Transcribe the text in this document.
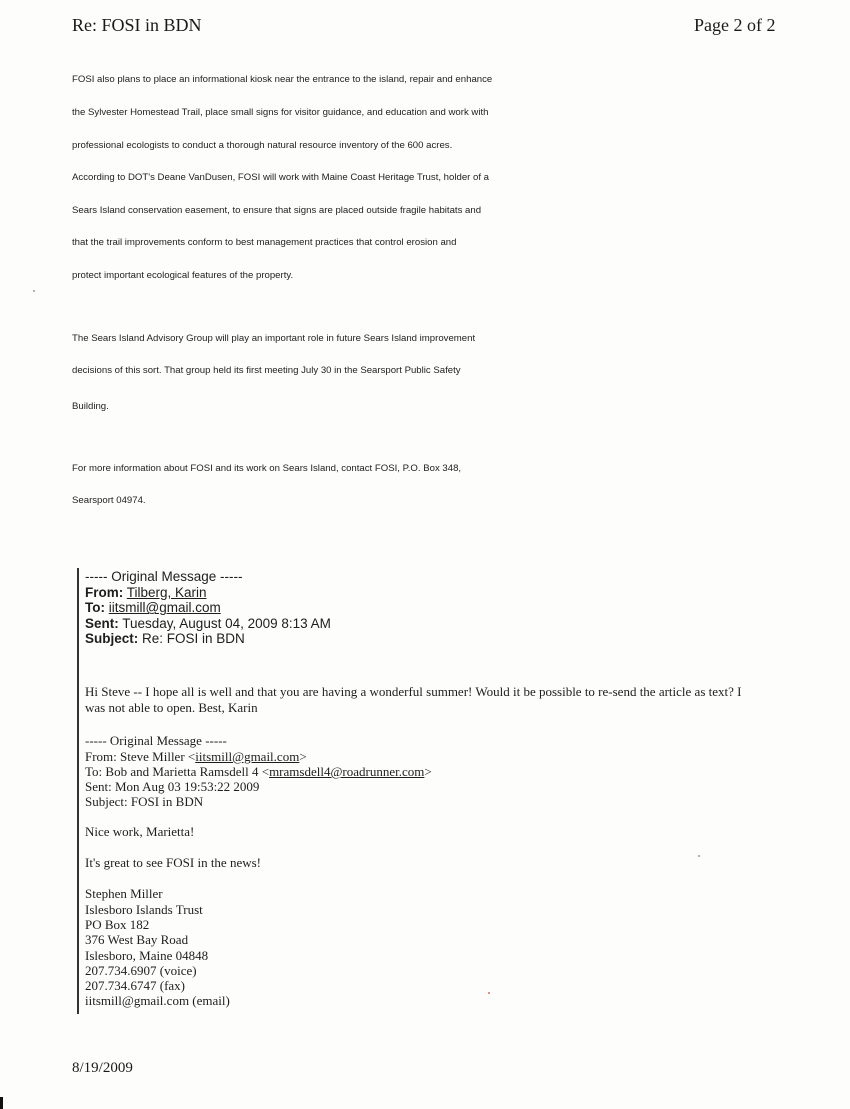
Re: FOSI in BDN	Page 2 of 2

FOSI also plans to place an informational kiosk near the entrance to the island, repair and enhance

the Sylvester Homestead Trail, place small signs for visitor guidance, and education and work with

professional ecologists to conduct a thorough natural resource inventory of the 600 acres.

According to DOT's Deane VanDusen, FOSI will work with Maine Coast Heritage Trust, holder of a

Sears Island conservation easement, to ensure that signs are placed outside fragile habitats and

that the trail improvements conform to best management practices that control erosion and

protect important ecological features of the property.

The Sears Island Advisory Group will play an important role in future Sears Island improvement

decisions of this sort. That group held its first meeting July 30 in the Searsport Public Safety

Building.

For more information about FOSI and its work on Sears Island, contact FOSI, P.O. Box 348,

Searsport 04974.

----- Original Message -----
From: Tilberg, Karin
To: iitsmill@gmail.com
Sent: Tuesday, August 04, 2009 8:13 AM
Subject: Re: FOSI in BDN
Hi Steve -- I hope all is well and that you are having a wonderful summer! Would it be possible to re-send the article as text? I was not able to open. Best, Karin
----- Original Message -----
From: Steve Miller <iitsmill@gmail.com>
To: Bob and Marietta Ramsdell 4 <mramsdell4@roadrunner.com>
Sent: Mon Aug 03 19:53:22 2009
Subject: FOSI in BDN
Nice work, Marietta!
It's great to see FOSI in the news!
Stephen Miller
Islesboro Islands Trust
PO Box 182
376 West Bay Road
Islesboro, Maine 04848
207.734.6907 (voice)
207.734.6747 (fax)
iitsmill@gmail.com (email)
8/19/2009
